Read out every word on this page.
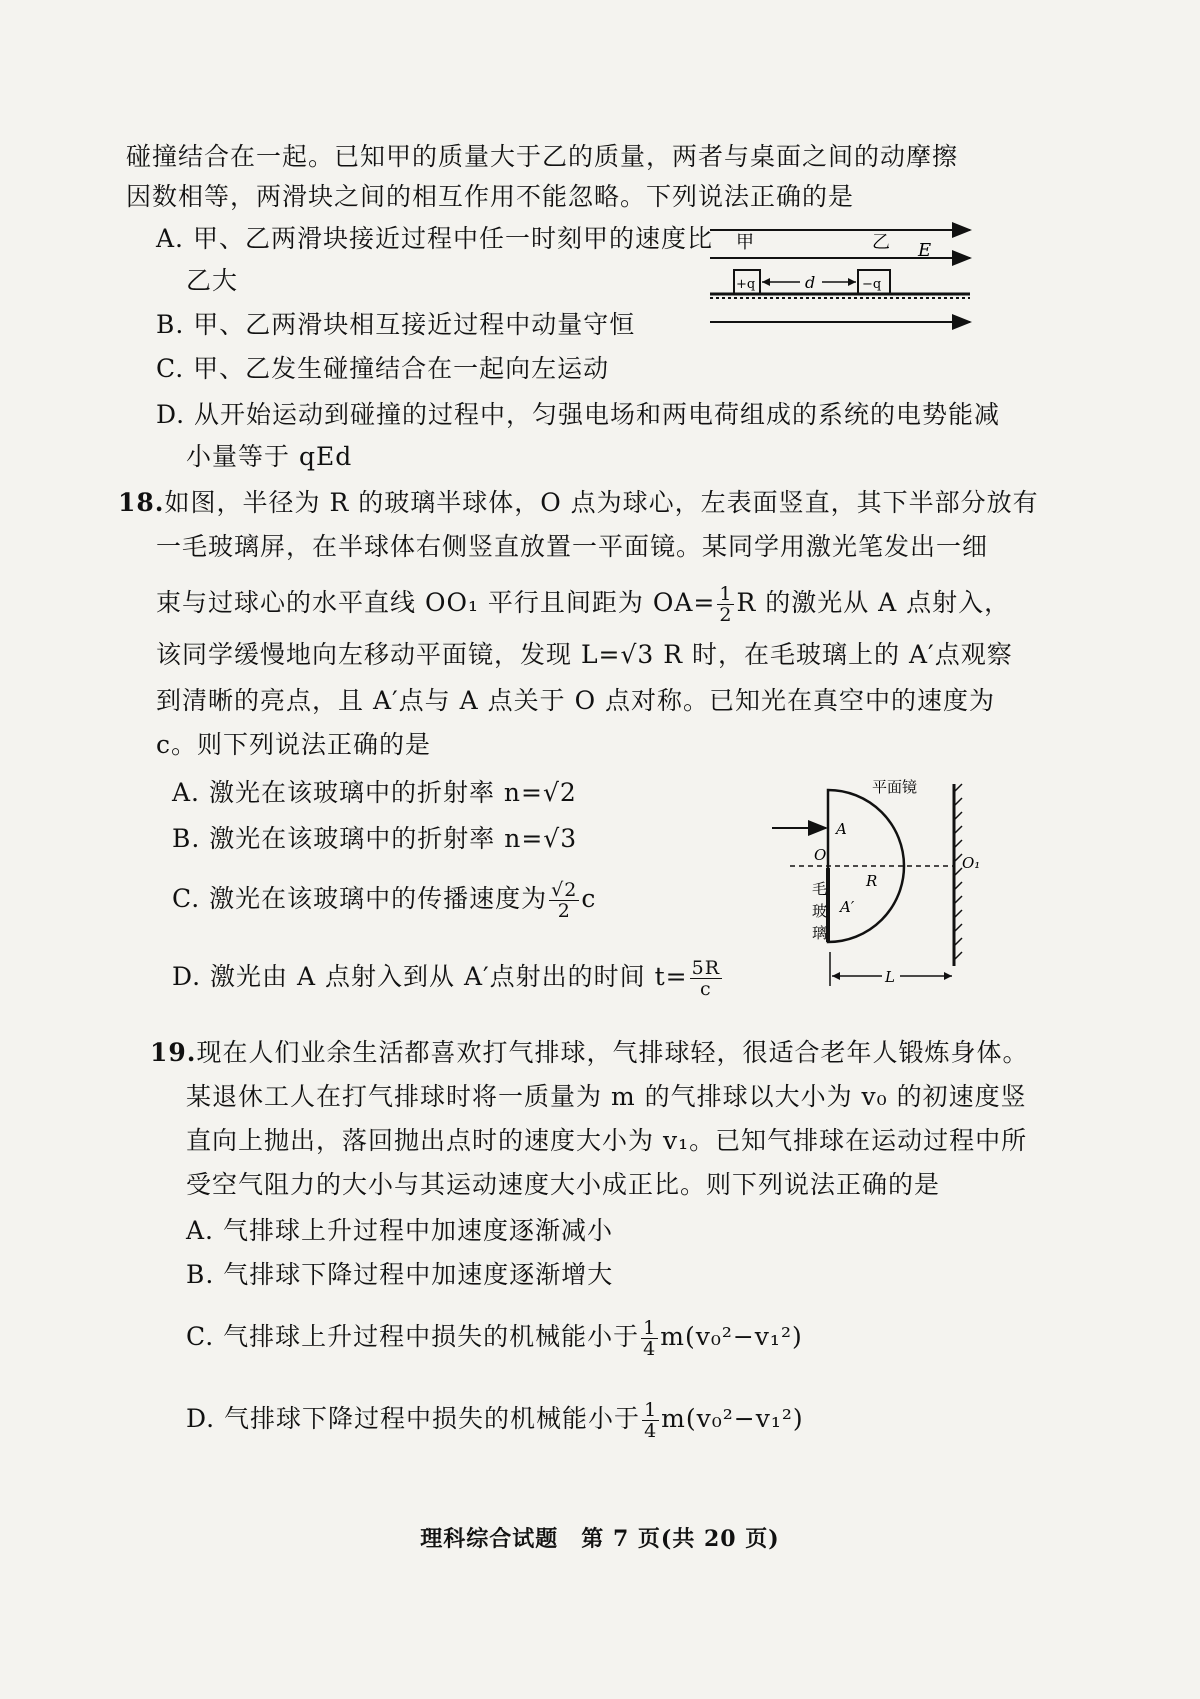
碰撞结合在一起。已知甲的质量大于乙的质量，两者与桌面之间的动摩擦
因数相等，两滑块之间的相互作用不能忽略。下列说法正确的是
A. 甲、乙两滑块接近过程中任一时刻甲的速度比
乙大
B. 甲、乙两滑块相互接近过程中动量守恒
C. 甲、乙发生碰撞结合在一起向左运动
D. 从开始运动到碰撞的过程中，匀强电场和两电荷组成的系统的电势能减
小量等于 qEd
甲	乙 E
+q	−q
d
18.如图，半径为 R 的玻璃半球体，O 点为球心，左表面竖直，其下半部分放有
一毛玻璃屏，在半球体右侧竖直放置一平面镜。某同学用激光笔发出一细
束与过球心的水平直线 OO₁ 平行且间距为 $OA= \frac{1}{2}$ R 的激光从 A 点射入，
该同学缓慢地向左移动平面镜，发现 L=√3 R 时，在毛玻璃上的 A′点观察
到清晰的亮点，且 A′点与 A 点关于 O 点对称。已知光在真空中的速度为
c。则下列说法正确的是
A. 激光在该玻璃中的折射率 n=√2
B. 激光在该玻璃中的折射率 n=√3
C. 激光在该玻璃中的传播速度为 $\frac{√2}{2}$ c
D. 激光由 A 点射入到从 A′点射出的时间 $t= \frac{5R}{c}$
平面镜
A
O
R
A′
O₁
毛
玻
璃
L
19.现在人们业余生活都喜欢打气排球，气排球轻，很适合老年人锻炼身体。
某退休工人在打气排球时将一质量为 m 的气排球以大小为 v₀ 的初速度竖
直向上抛出，落回抛出点时的速度大小为 v₁。已知气排球在运动过程中所
受空气阻力的大小与其运动速度大小成正比。则下列说法正确的是
A. 气排球上升过程中加速度逐渐减小
B. 气排球下降过程中加速度逐渐增大
C. 气排球上升过程中损失的机械能小于 $\frac{1}{4} m(v_0^2-v_1^2)$
D. 气排球下降过程中损失的机械能小于 $\frac{1}{4} m(v_0^2-v_1^2)$
理科综合试题　第 7 页(共 20 页)
